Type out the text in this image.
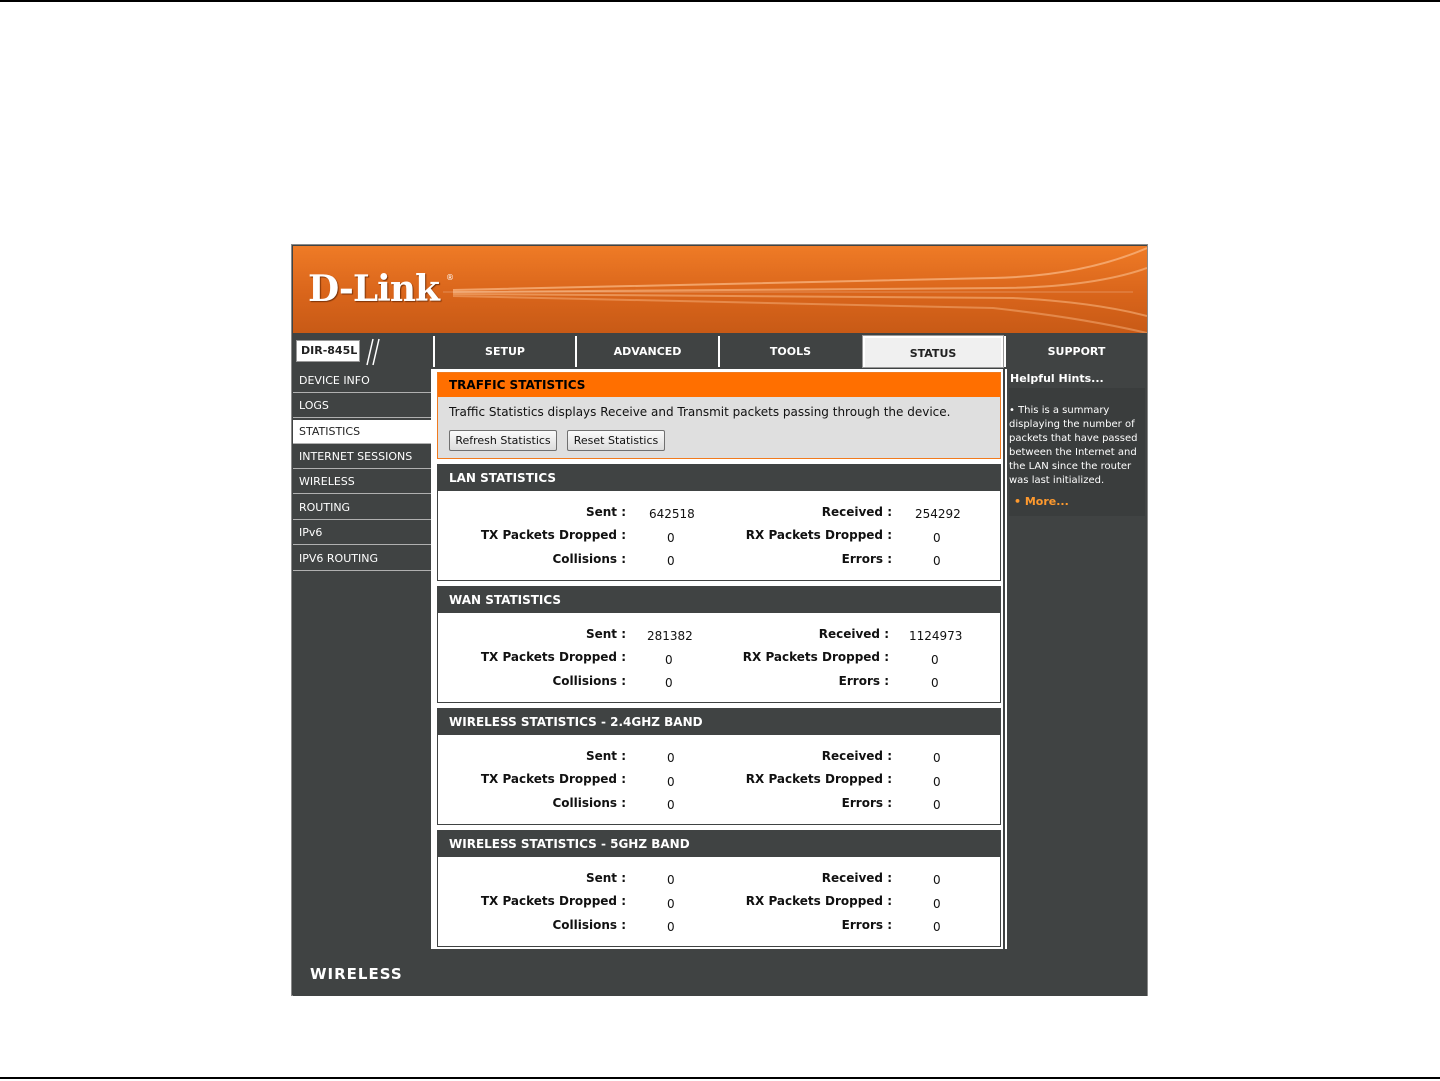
D-Link ®
DIR-845L	SETUP	ADVANCED	TOOLS	STATUS	SUPPORT
DEVICE INFO
LOGS
STATISTICS
INTERNET SESSIONS
WIRELESS
ROUTING
IPv6
IPV6 ROUTING
TRAFFIC STATISTICS
Traffic Statistics displays Receive and Transmit packets passing through the device.
Refresh Statistics	Reset Statistics
LAN STATISTICS
Sent : 642518	Received : 254292
TX Packets Dropped :	0	RX Packets Dropped :	0
Collisions :	0	Errors :	0
WAN STATISTICS
Sent : 281382	Received : 1124973
TX Packets Dropped :	0	RX Packets Dropped :	0
Collisions :	0	Errors :	0
WIRELESS STATISTICS - 2.4GHZ BAND
Sent :	0	Received :	0
TX Packets Dropped :	0	RX Packets Dropped :	0
Collisions :	0	Errors :	0
WIRELESS STATISTICS - 5GHZ BAND
Sent :	0	Received :	0
TX Packets Dropped :	0	RX Packets Dropped :	0
Collisions :	0	Errors :	0
Helpful Hints...
• This is a summary displaying the number of packets that have passed between the Internet and the LAN since the router was last initialized.
• More...
WIRELESS
